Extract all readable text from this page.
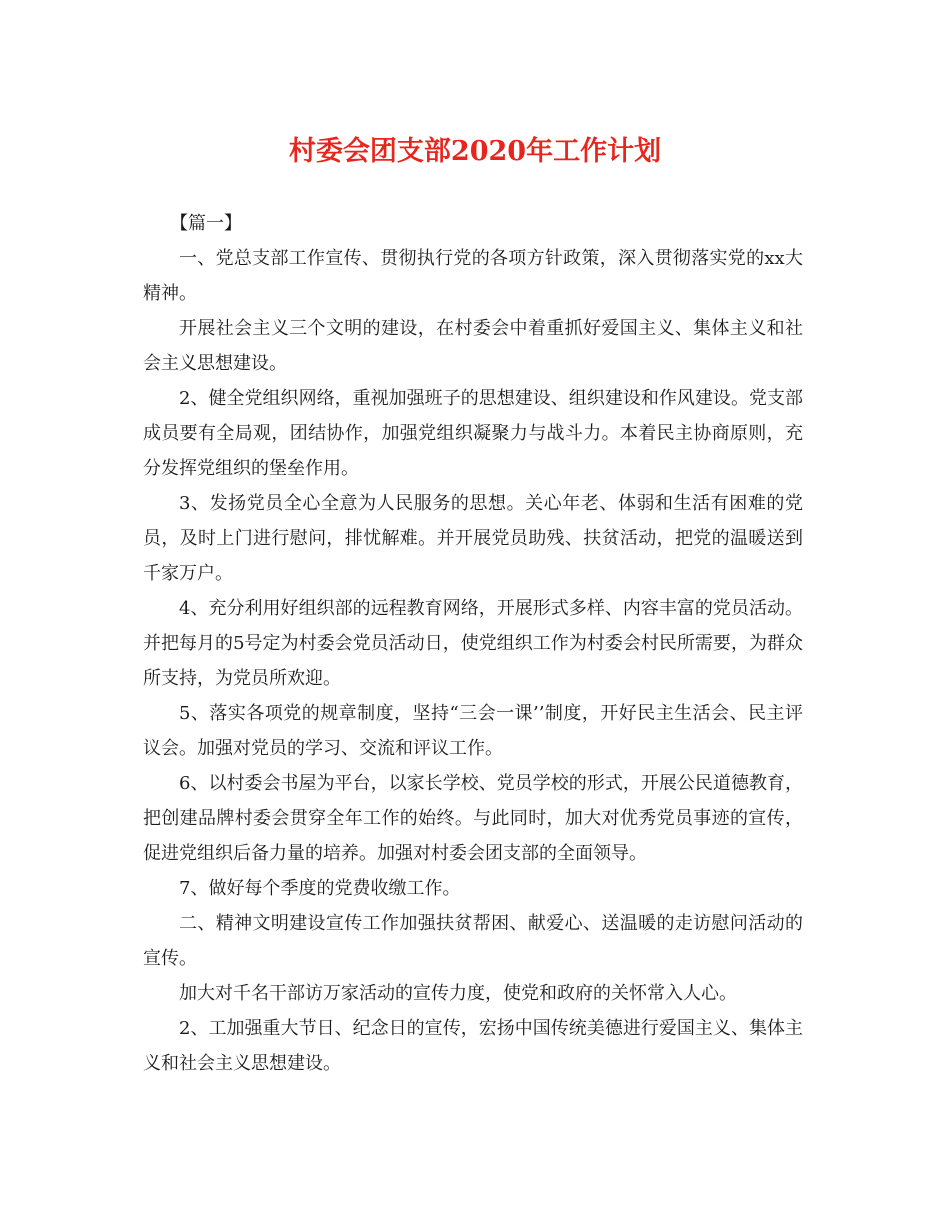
村委会团支部2020年工作计划

【篇一】

一、党总支部工作宣传、贯彻执行党的各项方针政策，深入贯彻落实党的xx大精神。

开展社会主义三个文明的建设，在村委会中着重抓好爱国主义、集体主义和社会主义思想建设。

2、健全党组织网络，重视加强班子的思想建设、组织建设和作风建设。党支部成员要有全局观，团结协作，加强党组织凝聚力与战斗力。本着民主协商原则，充分发挥党组织的堡垒作用。

3、发扬党员全心全意为人民服务的思想。关心年老、体弱和生活有困难的党员，及时上门进行慰问，排忧解难。并开展党员助残、扶贫活动，把党的温暖送到千家万户。

4、充分利用好组织部的远程教育网络，开展形式多样、内容丰富的党员活动。并把每月的5号定为村委会党员活动日，使党组织工作为村委会村民所需要，为群众所支持，为党员所欢迎。

5、落实各项党的规章制度，坚持“三会一课’’制度，开好民主生活会、民主评议会。加强对党员的学习、交流和评议工作。

6、以村委会书屋为平台，以家长学校、党员学校的形式，开展公民道德教育，把创建品牌村委会贯穿全年工作的始终。与此同时，加大对优秀党员事迹的宣传，促进党组织后备力量的培养。加强对村委会团支部的全面领导。

7、做好每个季度的党费收缴工作。

二、精神文明建设宣传工作加强扶贫帮困、献爱心、送温暖的走访慰问活动的宣传。

加大对千名干部访万家活动的宣传力度，使党和政府的关怀常入人心。

2、工加强重大节日、纪念日的宣传，宏扬中国传统美德进行爱国主义、集体主义和社会主义思想建设。
